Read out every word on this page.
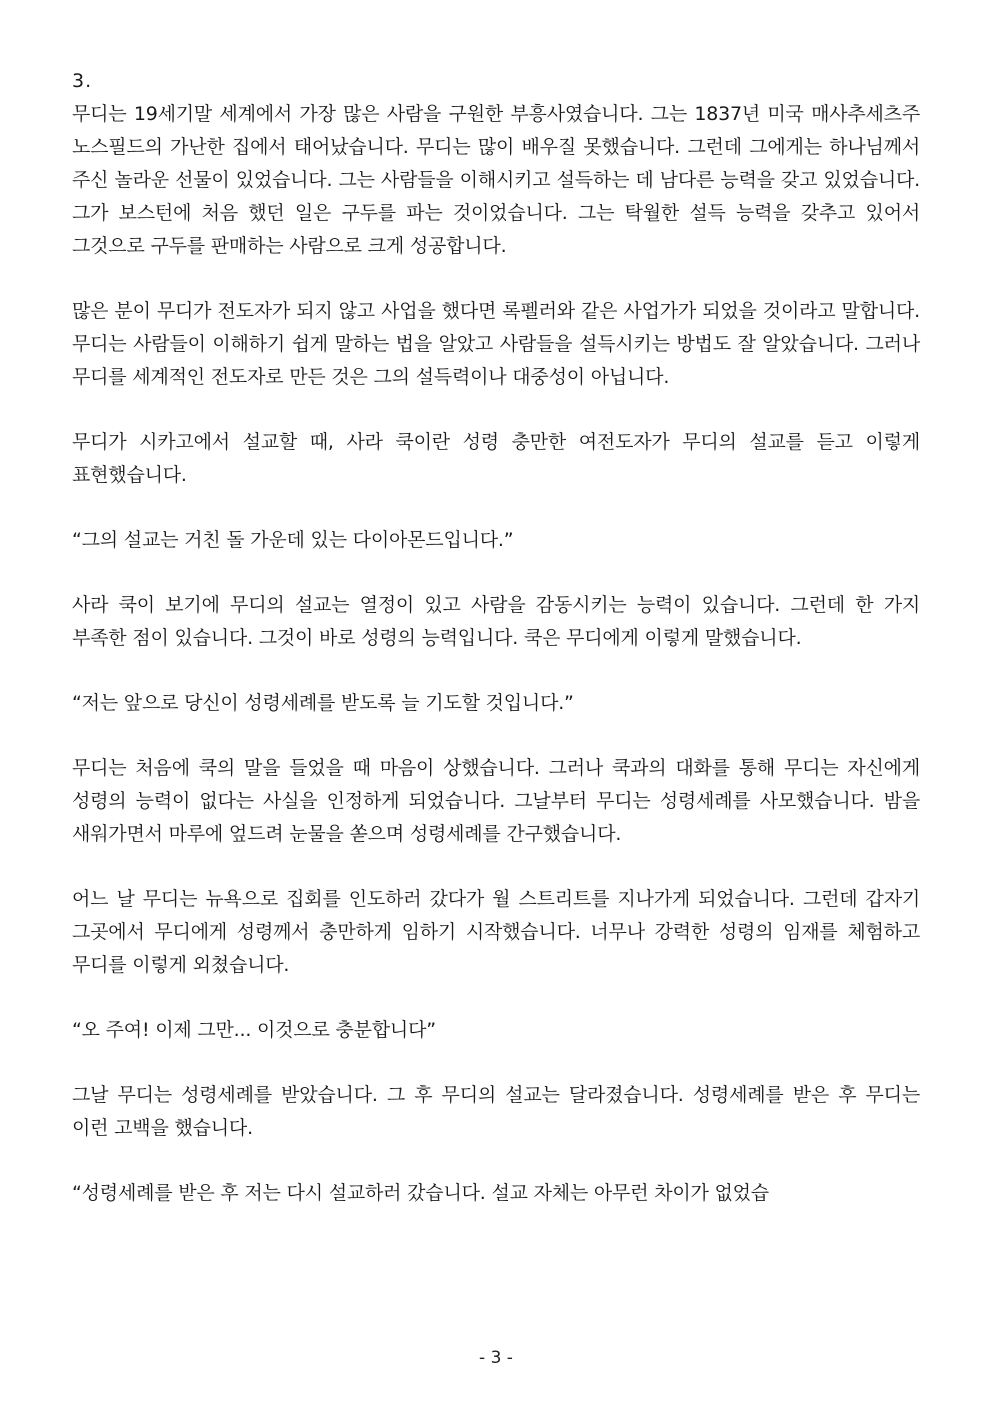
3.

무디는 19세기말 세계에서 가장 많은 사람을 구원한 부흥사였습니다. 그는 1837년 미국 매사추세츠주 노스필드의 가난한 집에서 태어났습니다. 무디는 많이 배우질 못했습니다. 그런데 그에게는 하나님께서 주신 놀라운 선물이 있었습니다. 그는 사람들을 이해시키고 설득하는 데 남다른 능력을 갖고 있었습니다. 그가 보스턴에 처음 했던 일은 구두를 파는 것이었습니다. 그는 탁월한 설득 능력을 갖추고 있어서 그것으로 구두를 판매하는 사람으로 크게 성공합니다.

많은 분이 무디가 전도자가 되지 않고 사업을 했다면 록펠러와 같은 사업가가 되었을 것이라고 말합니다. 무디는 사람들이 이해하기 쉽게 말하는 법을 알았고 사람들을 설득시키는 방법도 잘 알았습니다. 그러나 무디를 세계적인 전도자로 만든 것은 그의 설득력이나 대중성이 아닙니다.

무디가 시카고에서 설교할 때, 사라 쿡이란 성령 충만한 여전도자가 무디의 설교를 듣고 이렇게 표현했습니다.

“그의 설교는 거친 돌 가운데 있는 다이아몬드입니다.”

사라 쿡이 보기에 무디의 설교는 열정이 있고 사람을 감동시키는 능력이 있습니다. 그런데 한 가지 부족한 점이 있습니다. 그것이 바로 성령의 능력입니다. 쿡은 무디에게 이렇게 말했습니다.

“저는 앞으로 당신이 성령세례를 받도록 늘 기도할 것입니다.”

무디는 처음에 쿡의 말을 들었을 때 마음이 상했습니다. 그러나 쿡과의 대화를 통해 무디는 자신에게 성령의 능력이 없다는 사실을 인정하게 되었습니다. 그날부터 무디는 성령세례를 사모했습니다. 밤을 새워가면서 마루에 엎드려 눈물을 쏟으며 성령세례를 간구했습니다.

어느 날 무디는 뉴욕으로 집회를 인도하러 갔다가 월 스트리트를 지나가게 되었습니다. 그런데 갑자기 그곳에서 무디에게 성령께서 충만하게 임하기 시작했습니다. 너무나 강력한 성령의 임재를 체험하고 무디를 이렇게 외쳤습니다.

“오 주여! 이제 그만... 이것으로 충분합니다”

그날 무디는 성령세례를 받았습니다. 그 후 무디의 설교는 달라졌습니다. 성령세례를 받은 후 무디는 이런 고백을 했습니다.

“성령세례를 받은 후 저는 다시 설교하러 갔습니다. 설교 자체는 아무런 차이가 없었습

- 3 -
